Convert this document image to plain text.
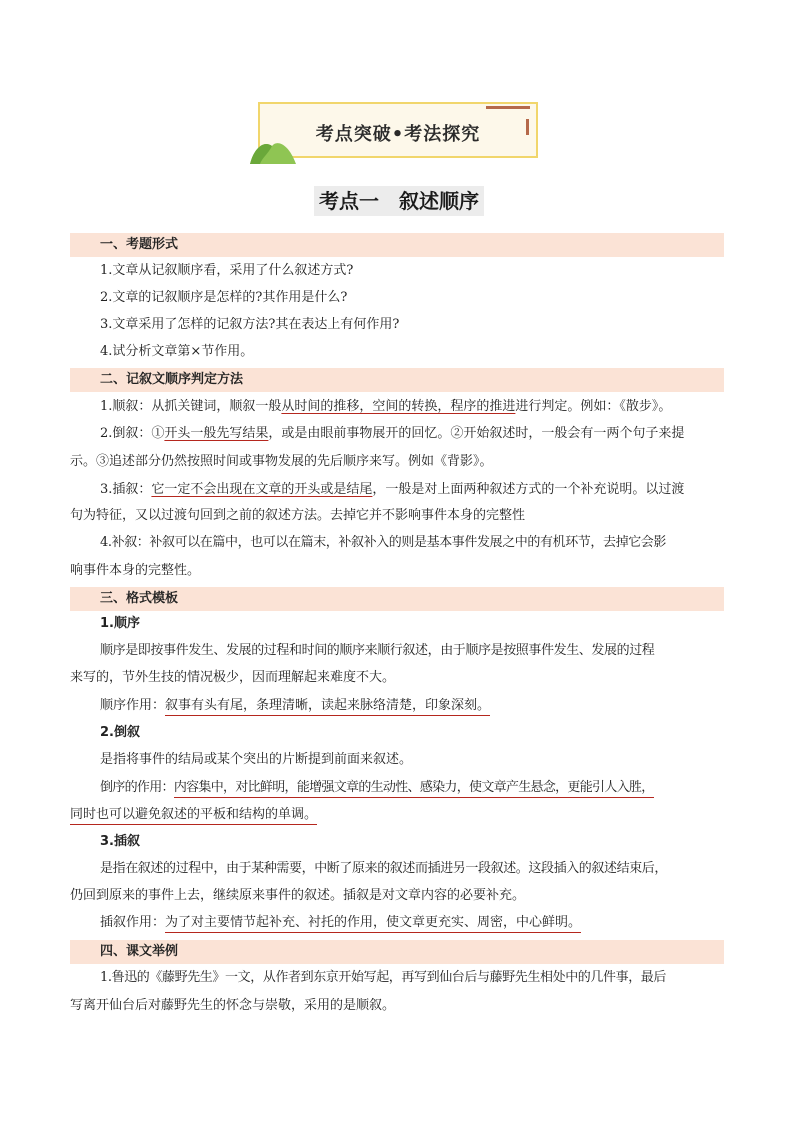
考点突破•考法探究
考点一　叙述顺序
一、考题形式
1.文章从记叙顺序看，采用了什么叙述方式?
2.文章的记叙顺序是怎样的?其作用是什么?
3.文章采用了怎样的记叙方法?其在表达上有何作用?
4.试分析文章第×节作用。
二、记叙文顺序判定方法
1.顺叙：从抓关键词，顺叙一般从时间的推移，空间的转换，程序的推进进行判定。例如：《散步》。
2.倒叙：①开头一般先写结果，或是由眼前事物展开的回忆。②开始叙述时，一般会有一两个句子来提
示。③追述部分仍然按照时间或事物发展的先后顺序来写。例如《背影》。
3.插叙：它一定不会出现在文章的开头或是结尾，一般是对上面两种叙述方式的一个补充说明。以过渡
句为特征，又以过渡句回到之前的叙述方法。去掉它并不影响事件本身的完整性
4.补叙：补叙可以在篇中，也可以在篇末，补叙补入的则是基本事件发展之中的有机环节，去掉它会影
响事件本身的完整性。
三、格式模板
1.顺序
顺序是即按事件发生、发展的过程和时间的顺序来顺行叙述，由于顺序是按照事件发生、发展的过程
来写的，节外生技的情况极少，因而理解起来难度不大。
顺序作用：叙事有头有尾，条理清晰，读起来脉络清楚，印象深刻。
2.倒叙
是指将事件的结局或某个突出的片断提到前面来叙述。
倒序的作用：内容集中，对比鲜明，能增强文章的生动性、感染力，使文章产生悬念，更能引人入胜，
同时也可以避免叙述的平板和结构的单调。
3.插叙
是指在叙述的过程中，由于某种需要，中断了原来的叙述而插进另一段叙述。这段插入的叙述结束后，
仍回到原来的事件上去，继续原来事件的叙述。插叙是对文章内容的必要补充。
插叙作用：为了对主要情节起补充、衬托的作用，使文章更充实、周密，中心鲜明。
四、课文举例
1.鲁迅的《藤野先生》一文，从作者到东京开始写起，再写到仙台后与藤野先生相处中的几件事，最后
写离开仙台后对藤野先生的怀念与崇敬，采用的是顺叙。
